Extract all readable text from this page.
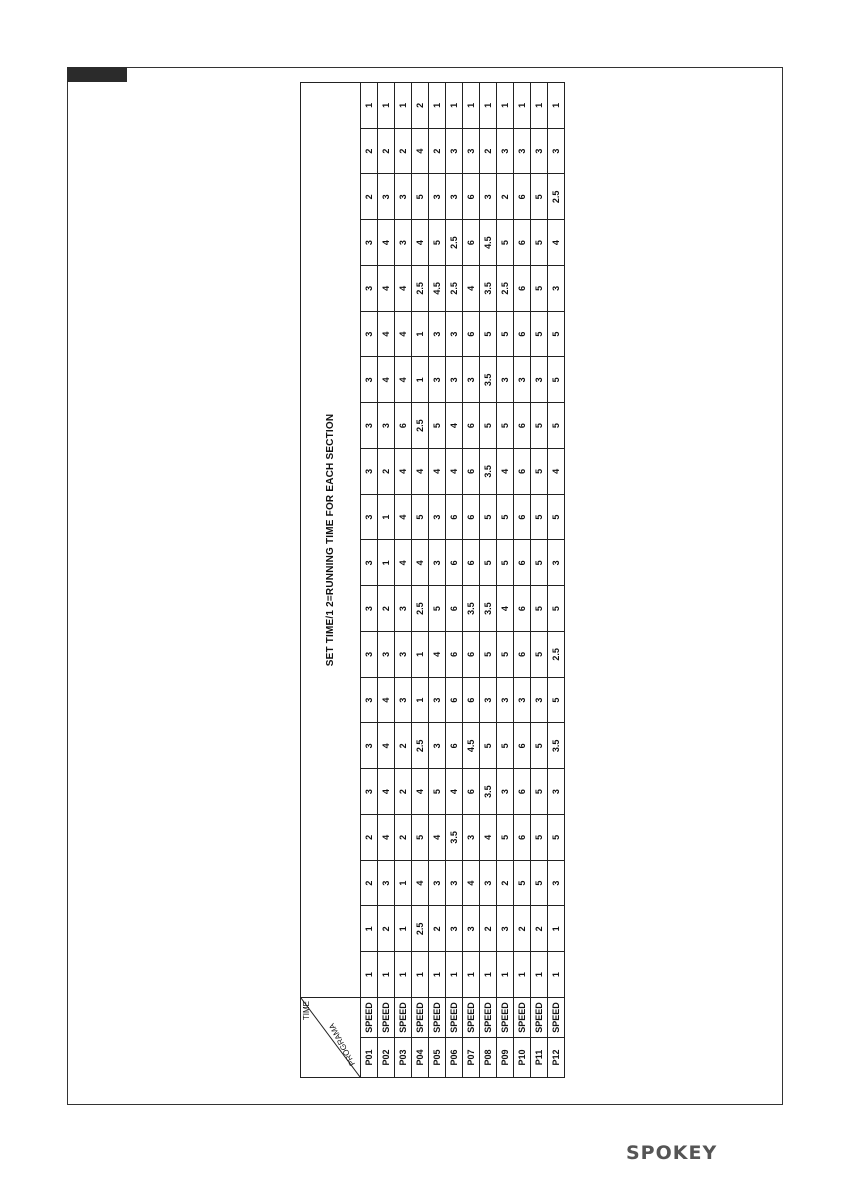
TIME
PROGRAMA		SET TIME/1 2=RUNNING TIME FOR EACH SECTION																			
P01	SPEED	1	1	2	2	3	3	3	3	3	3	3	3	3	3	3	3	3	2	2	1
P02	SPEED	1	2	3	4	4	4	4	3	2	1	1	2	3	4	4	4	4	3	2	1
P03	SPEED	1	1	1	2	2	2	3	3	3	4	4	4	6	4	4	4	3	3	2	1
P04	SPEED	1	2.5	4	5	4	2.5	1	1	2.5	4	5	4	2.5	1	1	2.5	4	5	4	2
P05	SPEED	1	2	3	4	5	3	3	4	5	3	3	4	5	3	3	4.5	5	3	2	1
P06	SPEED	1	3	3	3.5	4	6	6	6	6	6	6	4	4	3	3	2.5	2.5	3	3	1
P07	SPEED	1	3	4	3	6	4.5	6	6	3.5	6	6	6	6	3	6	4	6	6	3	1
P08	SPEED	1	2	3	4	3.5	5	3	5	3.5	5	5	3.5	5	3.5	5	3.5	4.5	3	2	1
P09	SPEED	1	3	2	5	3	5	3	5	4	5	5	4	5	3	5	2.5	5	2	3	1
P10	SPEED	1	2	5	6	6	6	3	6	6	6	6	6	6	3	6	6	6	6	3	1
P11	SPEED	1	2	5	5	5	5	3	5	5	5	5	5	5	3	5	5	5	5	3	1
P12	SPEED	1	1	3	5	3	3.5	5	2.5	5	3	5	4	5	5	5	3	4	2.5	3	1
SPOKEY
